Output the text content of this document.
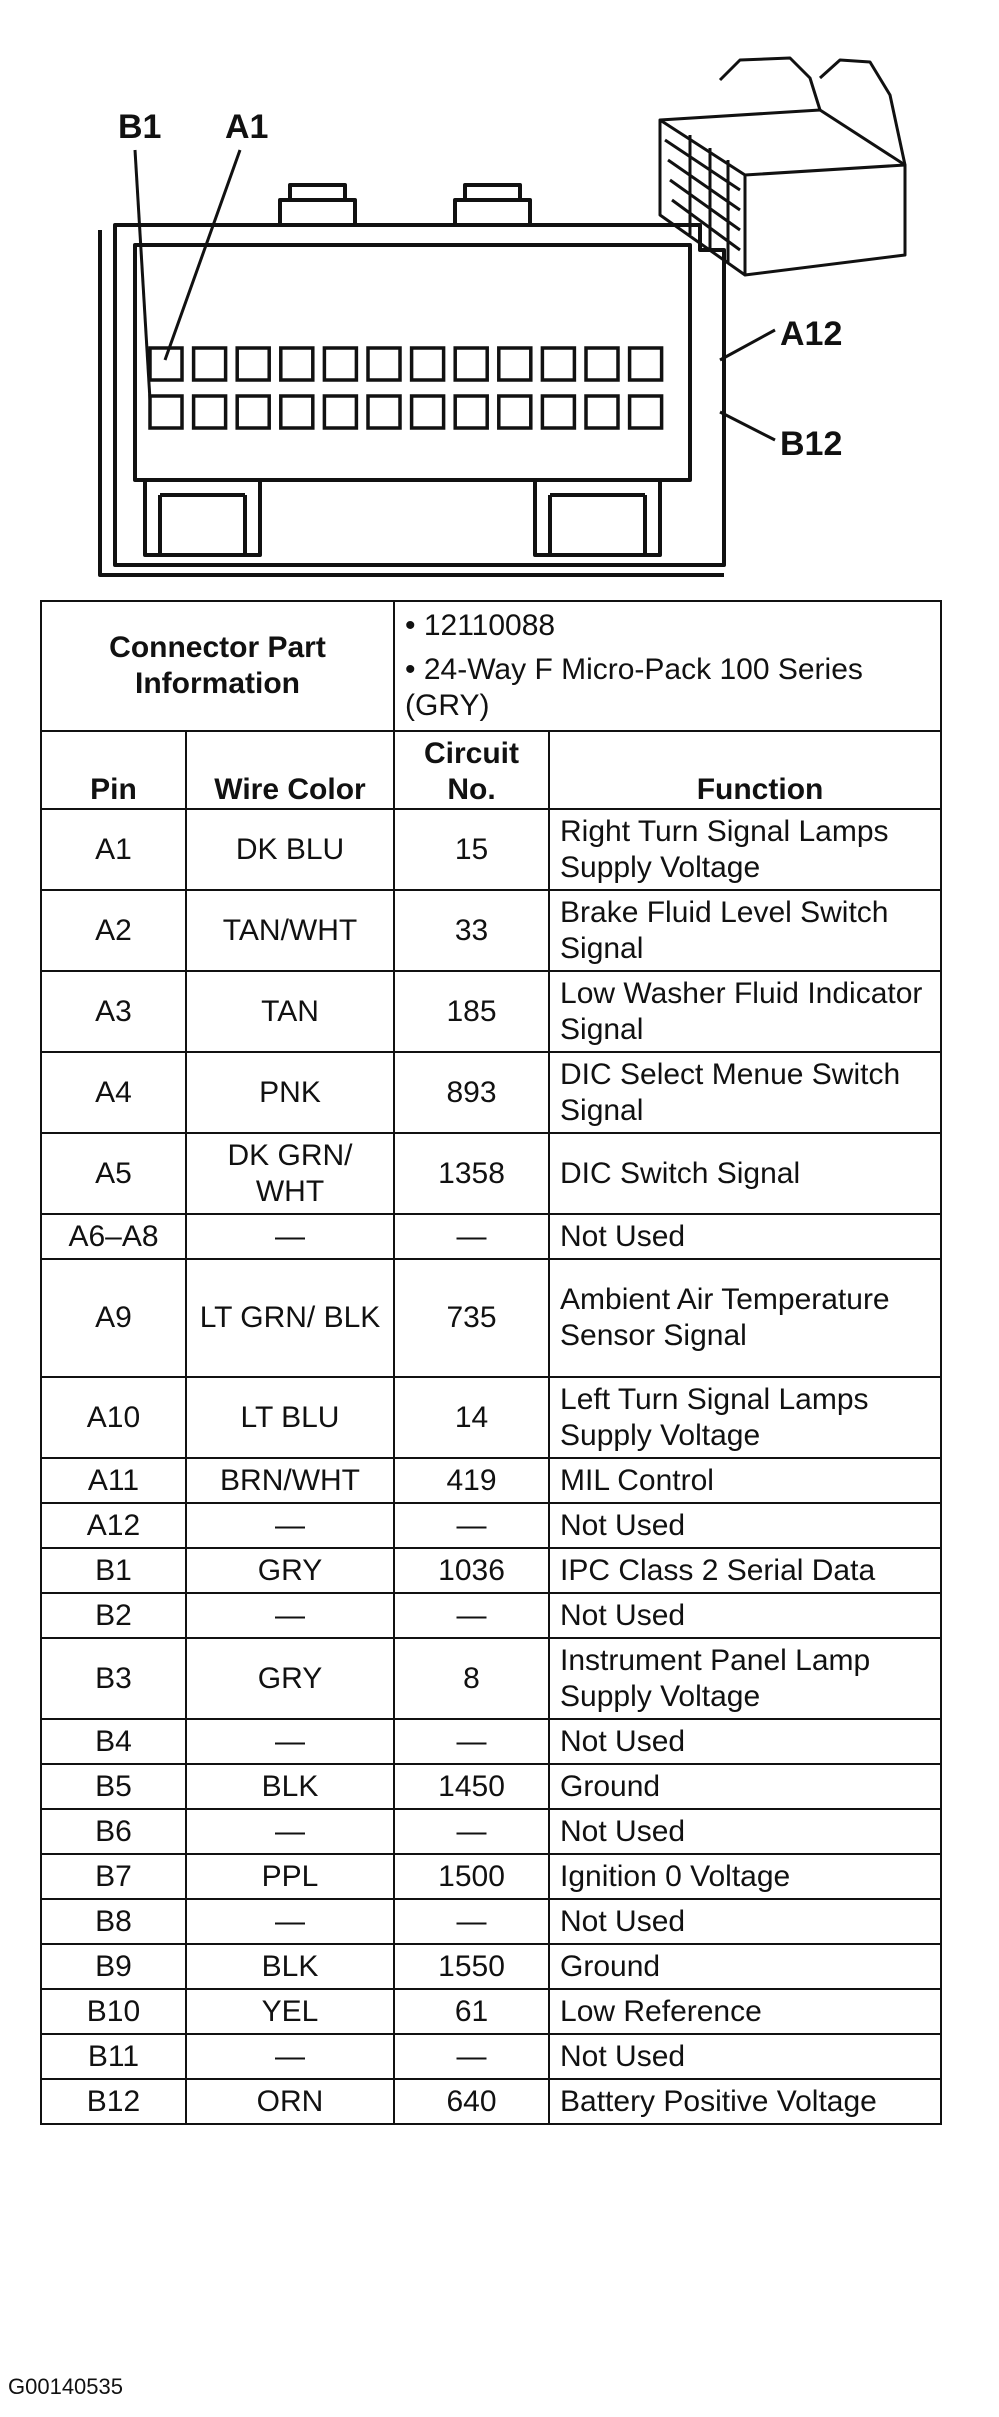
B1 A1
A12
B12
Connector Part Information		• 12110088
• 24-Way F Micro-Pack 100 Series (GRY)	

Pin	Wire Color	Circuit No.	Function
A1	DK BLU	15	Right Turn Signal Lamps Supply Voltage
A2	TAN/WHT	33	Brake Fluid Level Switch Signal
A3	TAN	185	Low Washer Fluid Indicator Signal
A4	PNK	893	DIC Select Menue Switch Signal
A5	DK GRN/ WHT	1358	DIC Switch Signal
A6–A8	—	—	Not Used
A9	LT GRN/ BLK	735	Ambient Air Temperature Sensor Signal
A10	LT BLU	14	Left Turn Signal Lamps Supply Voltage
A11	BRN/WHT	419	MIL Control
A12	—	—	Not Used
B1	GRY	1036	IPC Class 2 Serial Data
B2	—	—	Not Used
B3	GRY	8	Instrument Panel Lamp Supply Voltage
B4	—	—	Not Used
B5	BLK	1450	Ground
B6	—	—	Not Used
B7	PPL	1500	Ignition 0 Voltage
B8	—	—	Not Used
B9	BLK	1550	Ground
B10	YEL	61	Low Reference
B11	—	—	Not Used
B12	ORN	640	Battery Positive Voltage
G00140535
